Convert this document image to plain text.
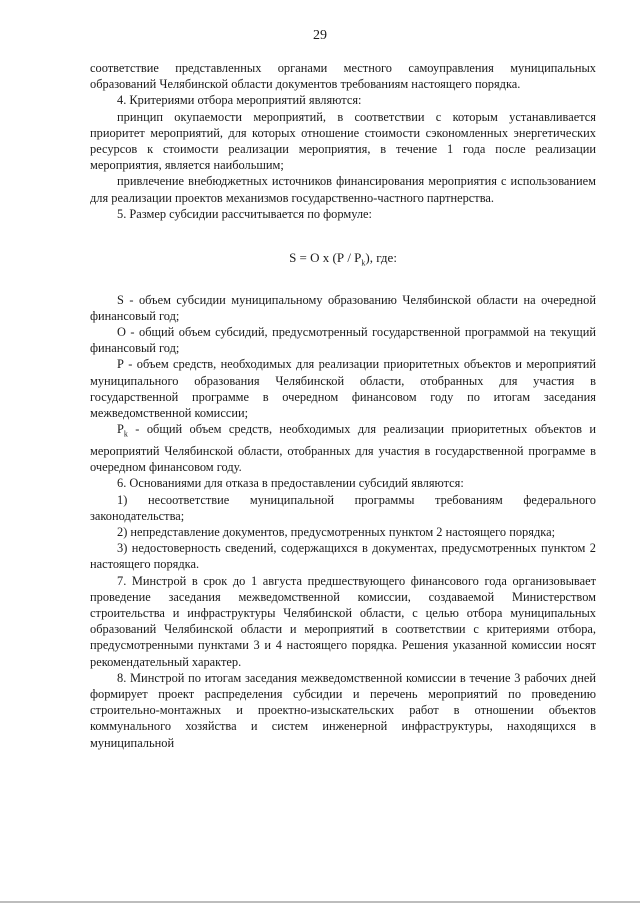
29

соответствие представленных органами местного самоуправления муниципальных образований Челябинской области документов требованиям настоящего порядка.

4. Критериями отбора мероприятий являются:

принцип окупаемости мероприятий, в соответствии с которым устанавливается приоритет мероприятий, для которых отношение стоимости сэкономленных энергетических ресурсов к стоимости реализации мероприятия, в течение 1 года после реализации мероприятия, является наибольшим;

привлечение внебюджетных источников финансирования мероприятия с использованием для реализации проектов механизмов государственно-частного партнерства.

5. Размер субсидии рассчитывается по формуле:

S = О х $(Р / Р_k)$, где:

S - объем субсидии муниципальному образованию Челябинской области на очередной финансовый год;

О - общий объем субсидий, предусмотренный государственной программой на текущий финансовый год;

Р - объем средств, необходимых для реализации приоритетных объектов и мероприятий муниципального образования Челябинской области, отобранных для участия в государственной программе в очередном финансовом году по итогам заседания межведомственной комиссии;

$Р_k$ - общий объем средств, необходимых для реализации приоритетных объектов и мероприятий Челябинской области, отобранных для участия в государственной программе в очередном финансовом году.

6. Основаниями для отказа в предоставлении субсидий являются:

1) несоответствие муниципальной программы требованиям федерального законодательства;

2) непредставление документов, предусмотренных пунктом 2 настоящего порядка;

3) недостоверность сведений, содержащихся в документах, предусмотренных пунктом 2 настоящего порядка.

7. Минстрой в срок до 1 августа предшествующего финансового года организовывает проведение заседания межведомственной комиссии, создаваемой Министерством строительства и инфраструктуры Челябинской области, с целью отбора муниципальных образований Челябинской области и мероприятий в соответствии с критериями отбора, предусмотренными пунктами 3 и 4 настоящего порядка. Решения указанной комиссии носят рекомендательный характер.

8. Минстрой по итогам заседания межведомственной комиссии в течение 3 рабочих дней формирует проект распределения субсидии и перечень мероприятий по проведению строительно-монтажных и проектно-изыскательских работ в отношении объектов коммунального хозяйства и систем инженерной инфраструктуры, находящихся в муниципальной
